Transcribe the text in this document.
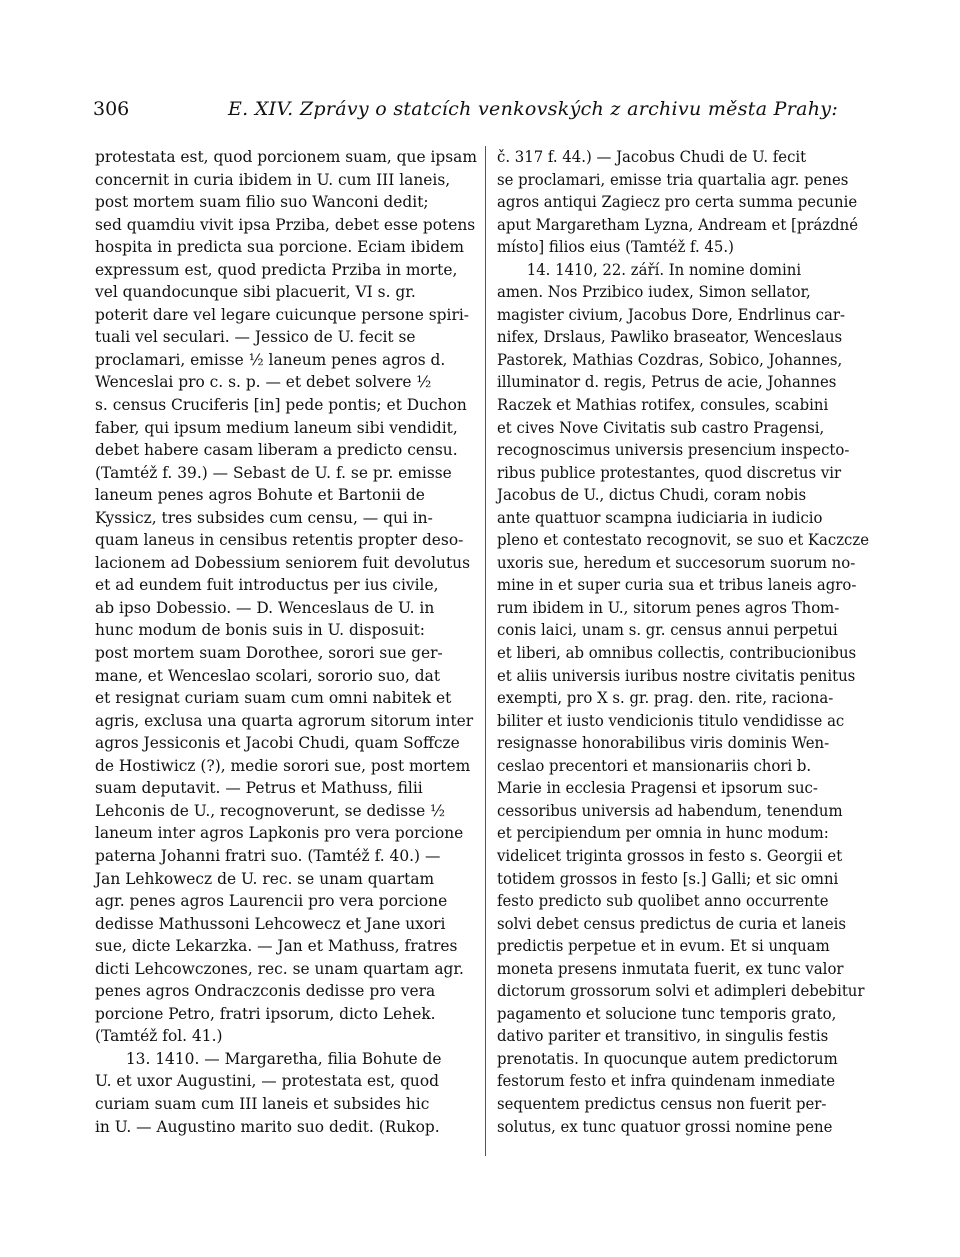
306	E. XIV. Zprávy o statcích venkovských z archivu města Prahy:
protestata est, quod porcionem suam, que ipsam
concernit in curia ibidem in U. cum III laneis,
post mortem suam filio suo Wanconi dedit;
sed quamdiu vivit ipsa Prziba, debet esse potens
hospita in predicta sua porcione. Eciam ibidem
expressum est, quod predicta Prziba in morte,
vel quandocunque sibi placuerit, VI s. gr.
poterit dare vel legare cuicunque persone spiri-
tuali vel seculari. — Jessico de U. fecit se
proclamari, emisse ½ laneum penes agros d.
Wenceslai pro c. s. p. — et debet solvere ½
s. census Cruciferis [in] pede pontis; et Duchon
faber, qui ipsum medium laneum sibi vendidit,
debet habere casam liberam a predicto censu.
(Tamtéž f. 39.) — Sebast de U. f. se pr. emisse
laneum penes agros Bohute et Bartonii de
Kyssicz, tres subsides cum censu, — qui in-
quam laneus in censibus retentis propter deso-
lacionem ad Dobessium seniorem fuit devolutus
et ad eundem fuit introductus per ius civile,
ab ipso Dobessio. — D. Wenceslaus de U. in
hunc modum de bonis suis in U. disposuit:
post mortem suam Dorothee, sorori sue ger-
mane, et Wenceslao scolari, sororio suo, dat
et resignat curiam suam cum omni nabitek et
agris, exclusa una quarta agrorum sitorum inter
agros Jessiconis et Jacobi Chudi, quam Soffcze
de Hostiwicz (?), medie sorori sue, post mortem
suam deputavit. — Petrus et Mathuss, filii
Lehconis de U., recognoverunt, se dedisse ½
laneum inter agros Lapkonis pro vera porcione
paterna Johanni fratri suo. (Tamtéž f. 40.) —
Jan Lehkowecz de U. rec. se unam quartam
agr. penes agros Laurencii pro vera porcione
dedisse Mathussoni Lehcowecz et Jane uxori
sue, dicte Lekarzka. — Jan et Mathuss, fratres
dicti Lehcowczones, rec. se unam quartam agr.
penes agros Ondraczconis dedisse pro vera
porcione Petro, fratri ipsorum, dicto Lehek.
(Tamtéž fol. 41.)
13. 1410. — Margaretha, filia Bohute de
U. et uxor Augustini, — protestata est, quod
curiam suam cum III laneis et subsides hic
in U. — Augustino marito suo dedit. (Rukop.
č. 317 f. 44.) — Jacobus Chudi de U. fecit
se proclamari, emisse tria quartalia agr. penes
agros antiqui Zagiecz pro certa summa pecunie
aput Margaretham Lyzna, Andream et [prázdné
místo] filios eius (Tamtéž f. 45.)
14. 1410, 22. září. In nomine domini
amen. Nos Przibico iudex, Simon sellator,
magister civium, Jacobus Dore, Endrlinus car-
nifex, Drslaus, Pawliko braseator, Wenceslaus
Pastorek, Mathias Cozdras, Sobico, Johannes,
illuminator d. regis, Petrus de acie, Johannes
Raczek et Mathias rotifex, consules, scabini
et cives Nove Civitatis sub castro Pragensi,
recognoscimus universis presencium inspecto-
ribus publice protestantes, quod discretus vir
Jacobus de U., dictus Chudi, coram nobis
ante quattuor scampna iudiciaria in iudicio
pleno et contestato recognovit, se suo et Kaczcze
uxoris sue, heredum et succesorum suorum no-
mine in et super curia sua et tribus laneis agro-
rum ibidem in U., sitorum penes agros Thom-
conis laici, unam s. gr. census annui perpetui
et liberi, ab omnibus collectis, contribucionibus
et aliis universis iuribus nostre civitatis penitus
exempti, pro X s. gr. prag. den. rite, raciona-
biliter et iusto vendicionis titulo vendidisse ac
resignasse honorabilibus viris dominis Wen-
ceslao precentori et mansionariis chori b.
Marie in ecclesia Pragensi et ipsorum suc-
cessoribus universis ad habendum, tenendum
et percipiendum per omnia in hunc modum:
videlicet triginta grossos in festo s. Georgii et
totidem grossos in festo [s.] Galli; et sic omni
festo predicto sub quolibet anno occurrente
solvi debet census predictus de curia et laneis
predictis perpetue et in evum. Et si unquam
moneta presens inmutata fuerit, ex tunc valor
dictorum grossorum solvi et adimpleri debebitur
pagamento et solucione tunc temporis grato,
dativo pariter et transitivo, in singulis festis
prenotatis. In quocunque autem predictorum
festorum festo et infra quindenam inmediate
sequentem predictus census non fuerit per-
solutus, ex tunc quatuor grossi nomine pene
